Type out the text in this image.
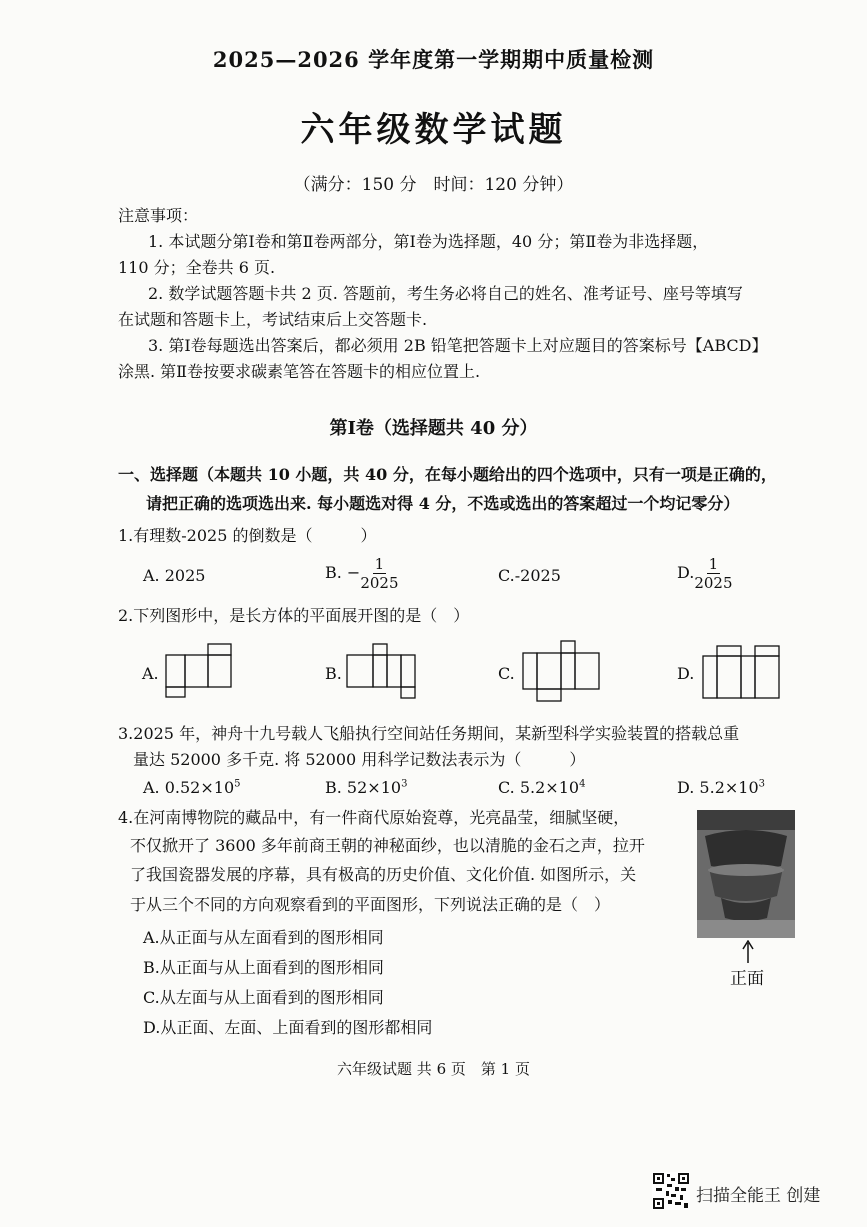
2025—2026 学年度第一学期期中质量检测
六年级数学试题
（满分：150 分　时间：120 分钟）
注意事项：
1. 本试题分第Ⅰ卷和第Ⅱ卷两部分，第Ⅰ卷为选择题，40 分；第Ⅱ卷为非选择题，
110 分；全卷共 6 页.
2. 数学试题答题卡共 2 页. 答题前，考生务必将自己的姓名、准考证号、座号等填写
在试题和答题卡上，考试结束后上交答题卡.
3. 第Ⅰ卷每题选出答案后，都必须用 2B 铅笔把答题卡上对应题目的答案标号【ABCD】
涂黑. 第Ⅱ卷按要求碳素笔答在答题卡的相应位置上.
第Ⅰ卷（选择题共 40 分）
一、选择题（本题共 10 小题，共 40 分，在每小题给出的四个选项中，只有一项是正确的，
请把正确的选项选出来. 每小题选对得 4 分，不选或选出的答案超过一个均记零分）
1.有理数-2025 的倒数是（　　　）
A. 2025	B. − $\frac{1}{2025}$	C.-2025	D. $\frac{1}{2025}$
2.下列图形中，是长方体的平面展开图的是（　）
A.	B.	C.	D.
3.2025 年，神舟十九号载人飞船执行空间站任务期间，某新型科学实验装置的搭载总重
量达 52000 多千克. 将 52000 用科学记数法表示为（　　　）
A. $0.52\times 10^5$	B. $52\times 10^3$	C. $5.2\times 10^4$	D. $5.2\times 10^3$
4.在河南博物院的藏品中，有一件商代原始瓷尊，光亮晶莹，细腻坚硬，
不仅掀开了 3600 多年前商王朝的神秘面纱，也以清脆的金石之声，拉开
了我国瓷器发展的序幕，具有极高的历史价值、文化价值. 如图所示，关
于从三个不同的方向观察看到的平面图形，下列说法正确的是（　）
A.从正面与从左面看到的图形相同
B.从正面与从上面看到的图形相同
C.从左面与从上面看到的图形相同
D.从正面、左面、上面看到的图形都相同
正面
六年级试题 共 6 页　第 1 页
扫描全能王 创建
